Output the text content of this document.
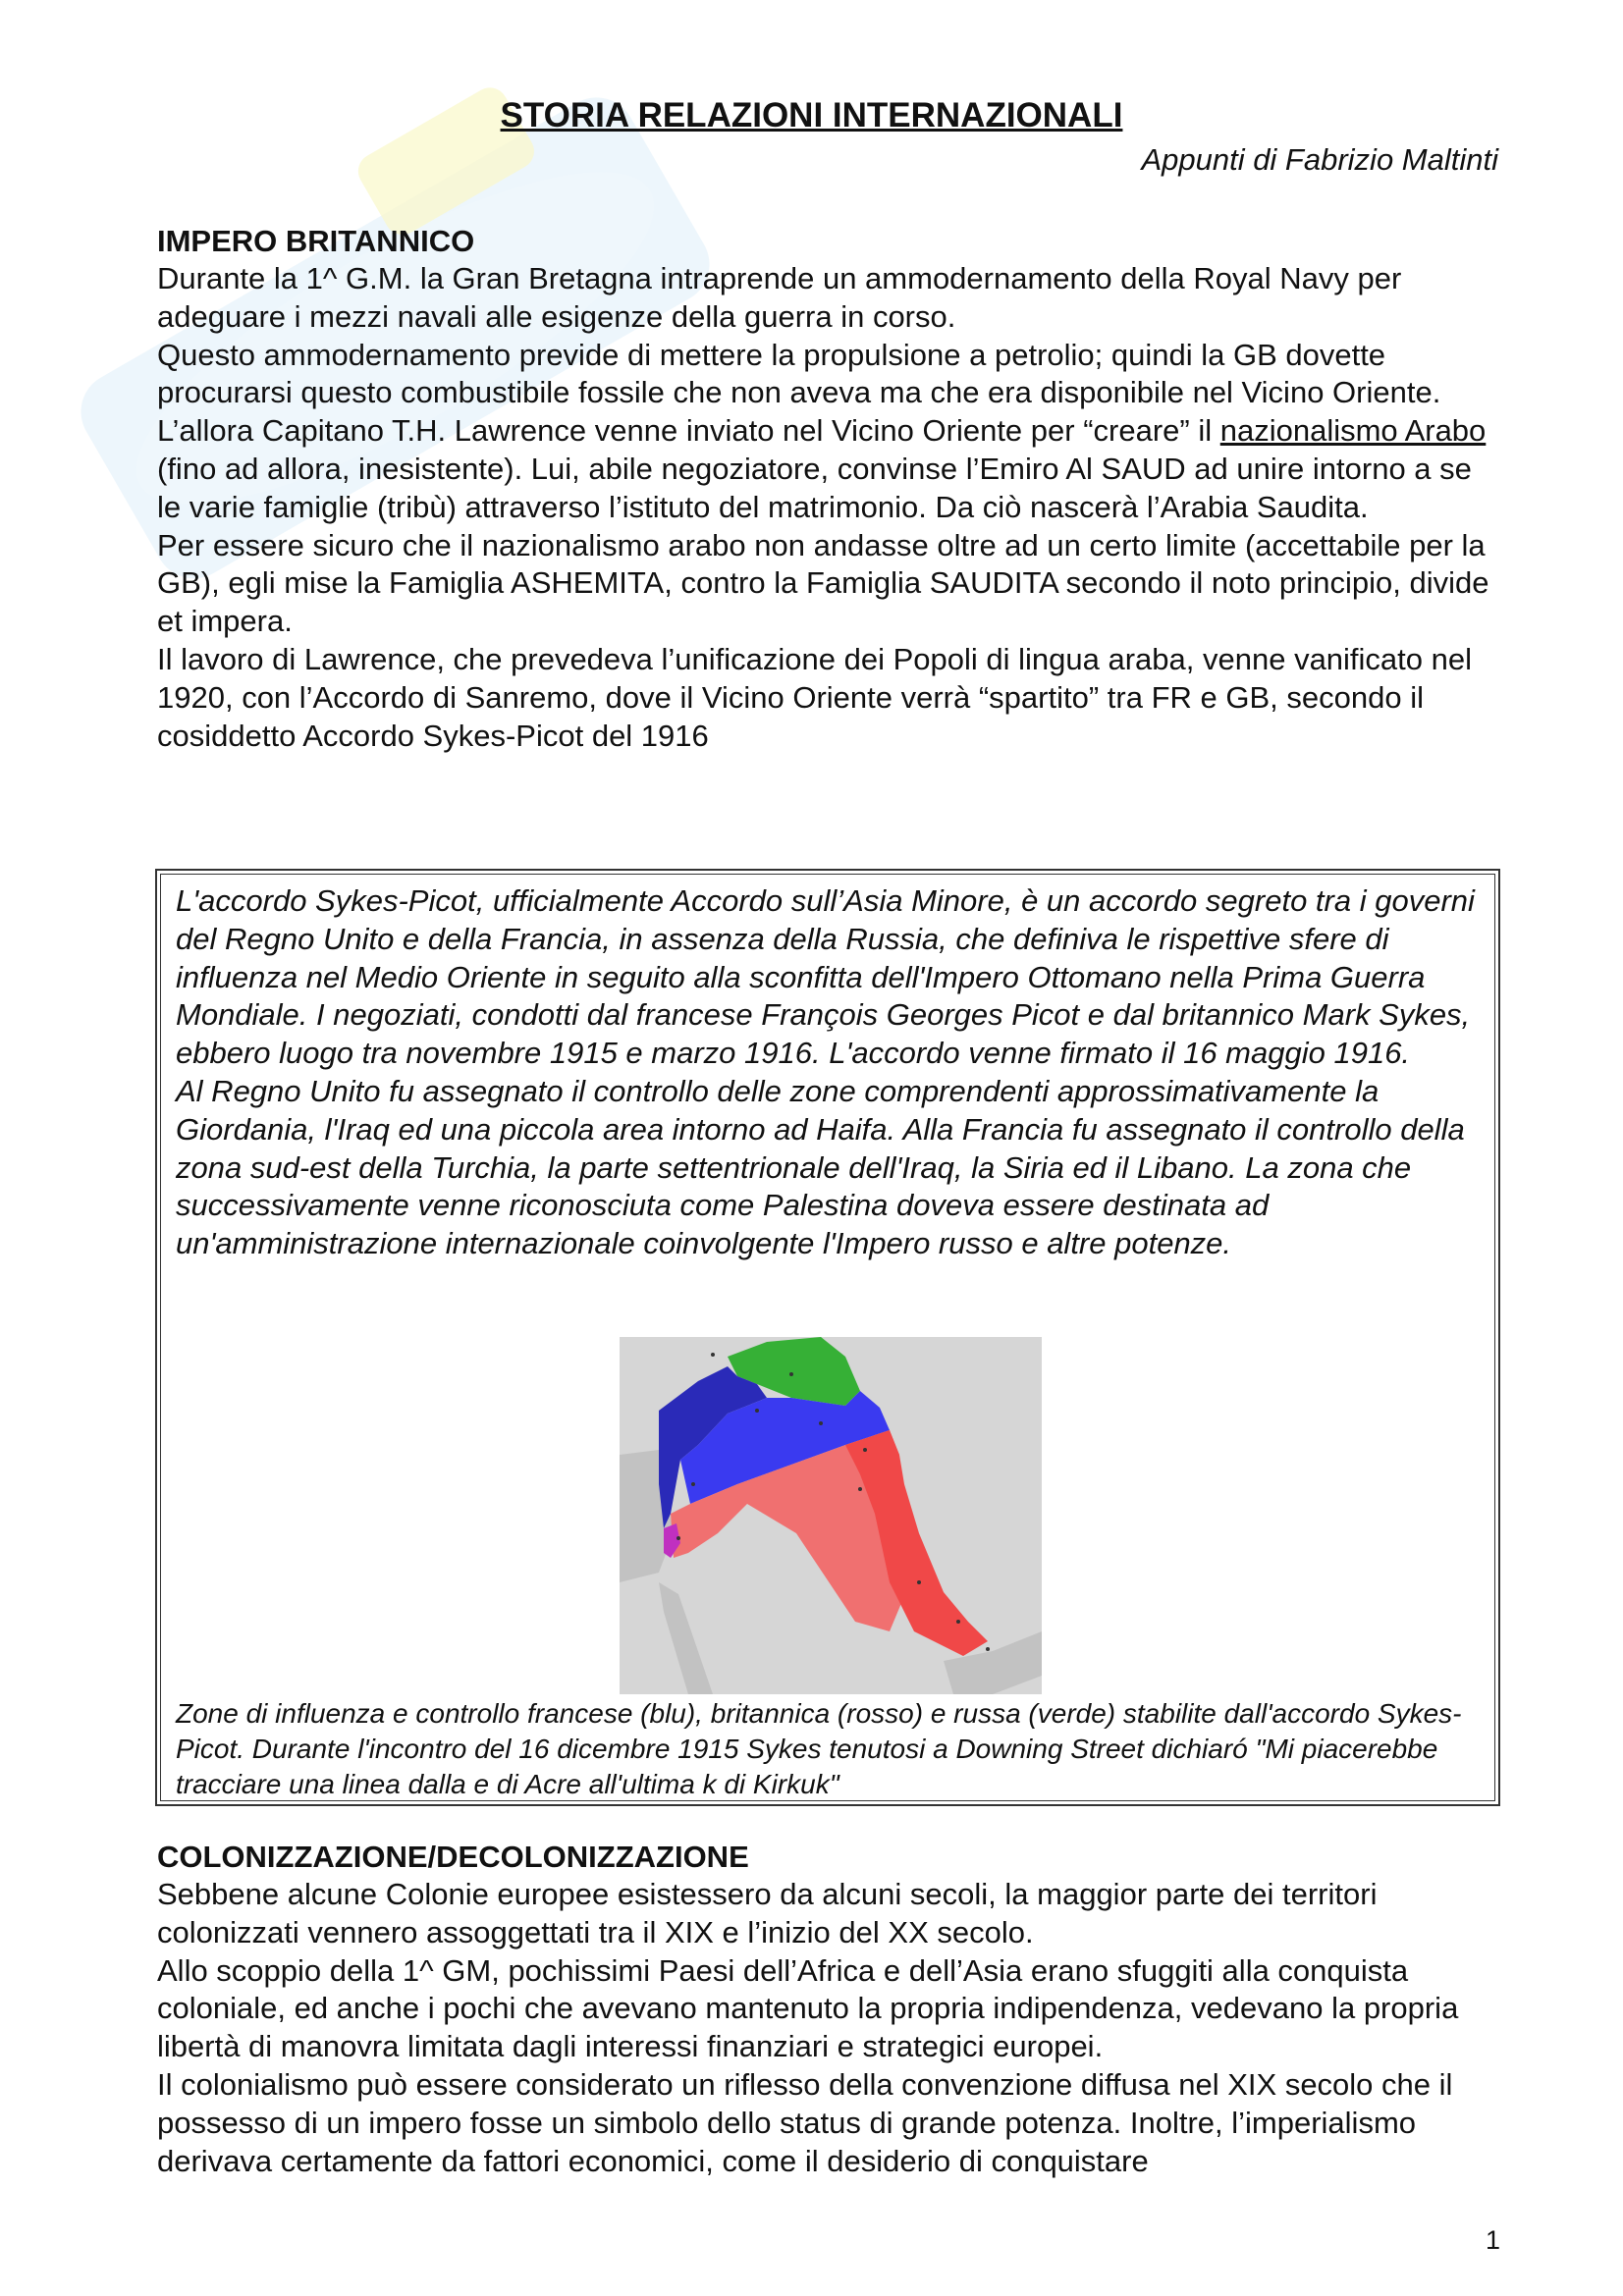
STORIA RELAZIONI INTERNAZIONALI
Appunti di Fabrizio Maltinti
IMPERO BRITANNICO

Durante la 1^ G.M. la Gran Bretagna intraprende un ammodernamento della Royal Navy per adeguare i mezzi navali alle esigenze della guerra in corso.

Questo ammodernamento previde di mettere la propulsione a petrolio; quindi la GB dovette procurarsi questo combustibile fossile che non aveva ma che era disponibile nel Vicino Oriente.

L’allora Capitano T.H. Lawrence venne inviato nel Vicino Oriente per “creare” il nazionalismo Arabo (fino ad allora, inesistente). Lui, abile negoziatore, convinse l’Emiro Al SAUD ad unire intorno a se le varie famiglie (tribù) attraverso l’istituto del matrimonio. Da ciò nascerà l’Arabia Saudita.

Per essere sicuro che il nazionalismo arabo non andasse oltre ad un certo limite (accettabile per la GB), egli mise la Famiglia ASHEMITA, contro la Famiglia SAUDITA secondo il noto principio, divide et impera.

Il lavoro di Lawrence, che prevedeva l’unificazione dei Popoli di lingua araba, venne vanificato nel 1920, con l’Accordo di Sanremo, dove il Vicino Oriente verrà “spartito” tra FR e GB, secondo il cosiddetto Accordo Sykes-Picot del 1916

L'accordo Sykes-Picot, ufficialmente Accordo sull’Asia Minore, è un accordo segreto tra i governi del Regno Unito e della Francia, in assenza della Russia, che definiva le rispettive sfere di influenza nel Medio Oriente in seguito alla sconfitta dell'Impero Ottomano nella Prima Guerra Mondiale. I negoziati, condotti dal francese François Georges Picot e dal britannico Mark Sykes, ebbero luogo tra novembre 1915 e marzo 1916. L'accordo venne firmato il 16 maggio 1916.

Al Regno Unito fu assegnato il controllo delle zone comprendenti approssimativamente la Giordania, l'Iraq ed una piccola area intorno ad Haifa. Alla Francia fu assegnato il controllo della zona sud-est della Turchia, la parte settentrionale dell'Iraq, la Siria ed il Libano. La zona che successivamente venne riconosciuta come Palestina doveva essere destinata ad un'amministrazione internazionale coinvolgente l'Impero russo e altre potenze.

Zone di influenza e controllo francese (blu), britannica (rosso) e russa (verde) stabilite dall'accordo Sykes-Picot. Durante l'incontro del 16 dicembre 1915 Sykes tenutosi a Downing Street dichiaró "Mi piacerebbe tracciare una linea dalla e di Acre all'ultima k di Kirkuk"

COLONIZZAZIONE/DECOLONIZZAZIONE

Sebbene alcune Colonie europee esistessero da alcuni secoli, la maggior parte dei territori colonizzati vennero assoggettati tra il XIX e l’inizio del XX secolo.

Allo scoppio della 1^ GM, pochissimi Paesi dell’Africa e dell’Asia erano sfuggiti alla conquista coloniale, ed anche i pochi che avevano mantenuto la propria indipendenza, vedevano la propria libertà di manovra limitata dagli interessi finanziari e strategici europei.

Il colonialismo può essere considerato un riflesso della convenzione diffusa nel XIX secolo che il possesso di un impero fosse un simbolo dello status di grande potenza. Inoltre, l’imperialismo derivava certamente da fattori economici, come il desiderio di conquistare

1
